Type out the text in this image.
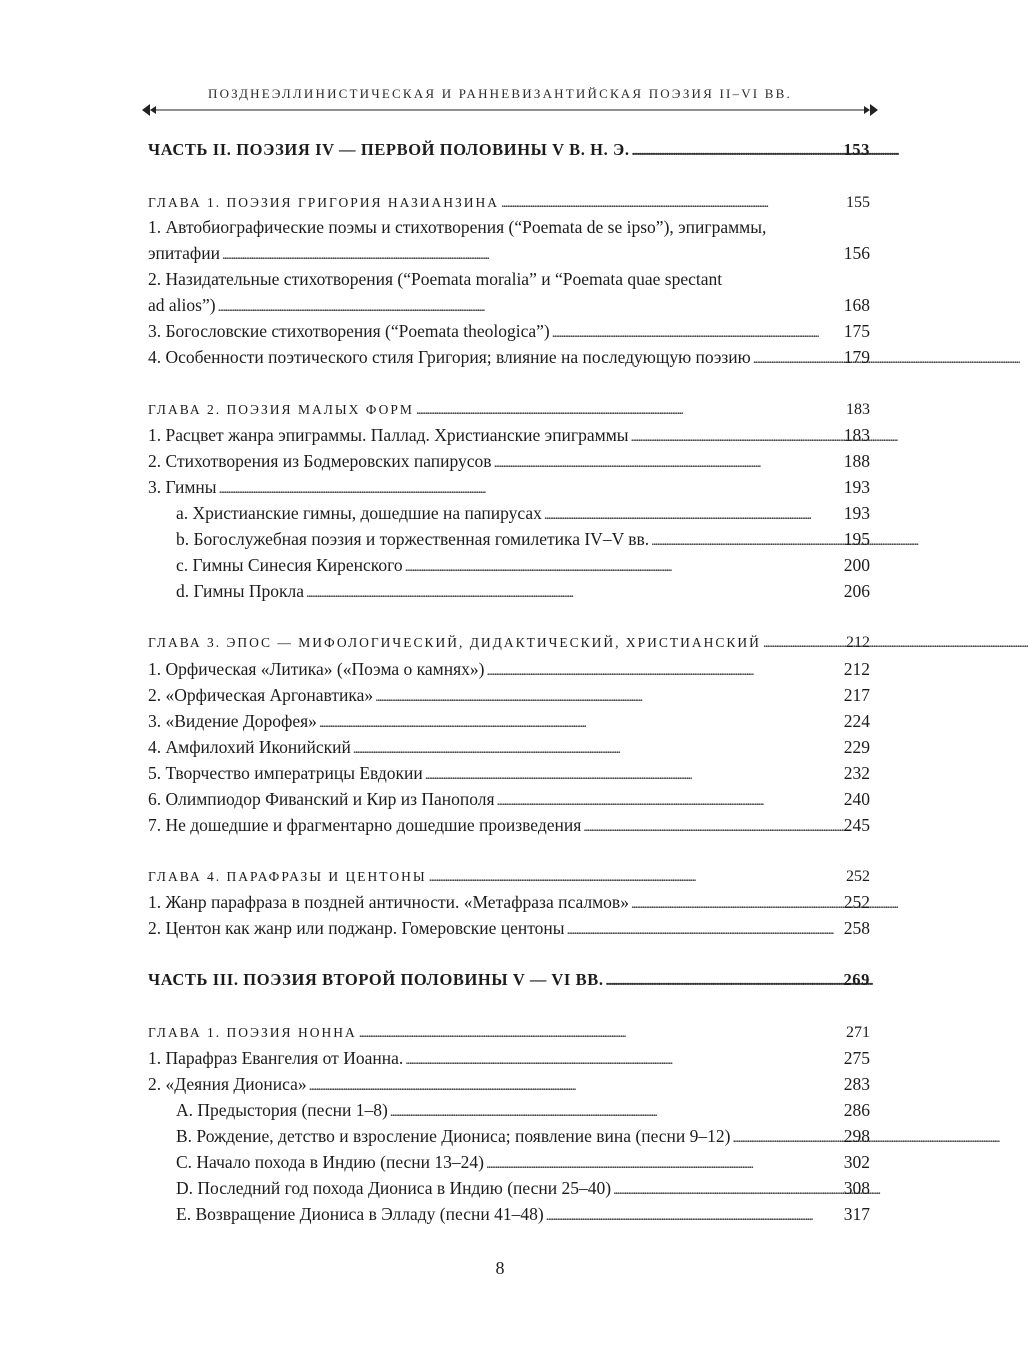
ПОЗДНЕЭЛЛИНИСТИЧЕСКАЯ И РАННЕВИЗАНТИЙСКАЯ ПОЭЗИЯ II–VI ВВ.
ЧАСТЬ II. ПОЭЗИЯ IV — ПЕРВОЙ ПОЛОВИНЫ V В. Н. Э. . . .	153
ГЛАВА 1. ПОЭЗИЯ ГРИГОРИЯ НАЗИАНЗИНА . . .	155
1. Автобиографические поэмы и стихотворения (“Poemata de se ipso”), эпиграммы,
эпитафии . . .	156
2. Назидательные стихотворения (“Poemata moralia” и “Poemata quae spectant
ad alios”) . . .	168
3. Богословские стихотворения (“Poemata theologica”) . . .	175
4. Особенности поэтического стиля Григория; влияние на последующую поэзию . . .	179
ГЛАВА 2. ПОЭЗИЯ МАЛЫХ ФОРМ . . .	183
1. Расцвет жанра эпиграммы. Паллад. Христианские эпиграммы . . .	183
2. Стихотворения из Бодмеровских папирусов . . .	188
3. Гимны . . .	193
a. Христианские гимны, дошедшие на папирусах . . .	193
b. Богослужебная поэзия и торжественная гомилетика IV–V вв. . . .	195
c. Гимны Синесия Киренского . . .	200
d. Гимны Прокла . . .	206
ГЛАВА 3. ЭПОС — МИФОЛОГИЧЕСКИЙ, ДИДАКТИЧЕСКИЙ, ХРИСТИАНСКИЙ . . .	212
1. Орфическая «Литика» («Поэма о камнях») . . .	212
2. «Орфическая Аргонавтика» . . .	217
3. «Видение Дорофея» . . .	224
4. Амфилохий Иконийский . . .	229
5. Творчество императрицы Евдокии . . .	232
6. Олимпиодор Фиванский и Кир из Панополя . . .	240
7. Не дошедшие и фрагментарно дошедшие произведения . . .	245
ГЛАВА 4. ПАРАФРАЗЫ И ЦЕНТОНЫ . . .	252
1. Жанр парафраза в поздней античности. «Метафраза псалмов» . . .	252
2. Центон как жанр или поджанр. Гомеровские центоны . . .	258
ЧАСТЬ III. ПОЭЗИЯ ВТОРОЙ ПОЛОВИНЫ V — VI ВВ. . . .	269
ГЛАВА 1. ПОЭЗИЯ НОННА . . .	271
1. Парафраз Евангелия от Иоанна. . . .	275
2. «Деяния Диониса» . . .	283
A. Предыстория (песни 1–8) . . .	286
B. Рождение, детство и взросление Диониса; появление вина (песни 9–12) . . .	298
C. Начало похода в Индию (песни 13–24) . . .	302
D. Последний год похода Диониса в Индию (песни 25–40) . . .	308
E. Возвращение Диониса в Элладу (песни 41–48) . . .	317
8
